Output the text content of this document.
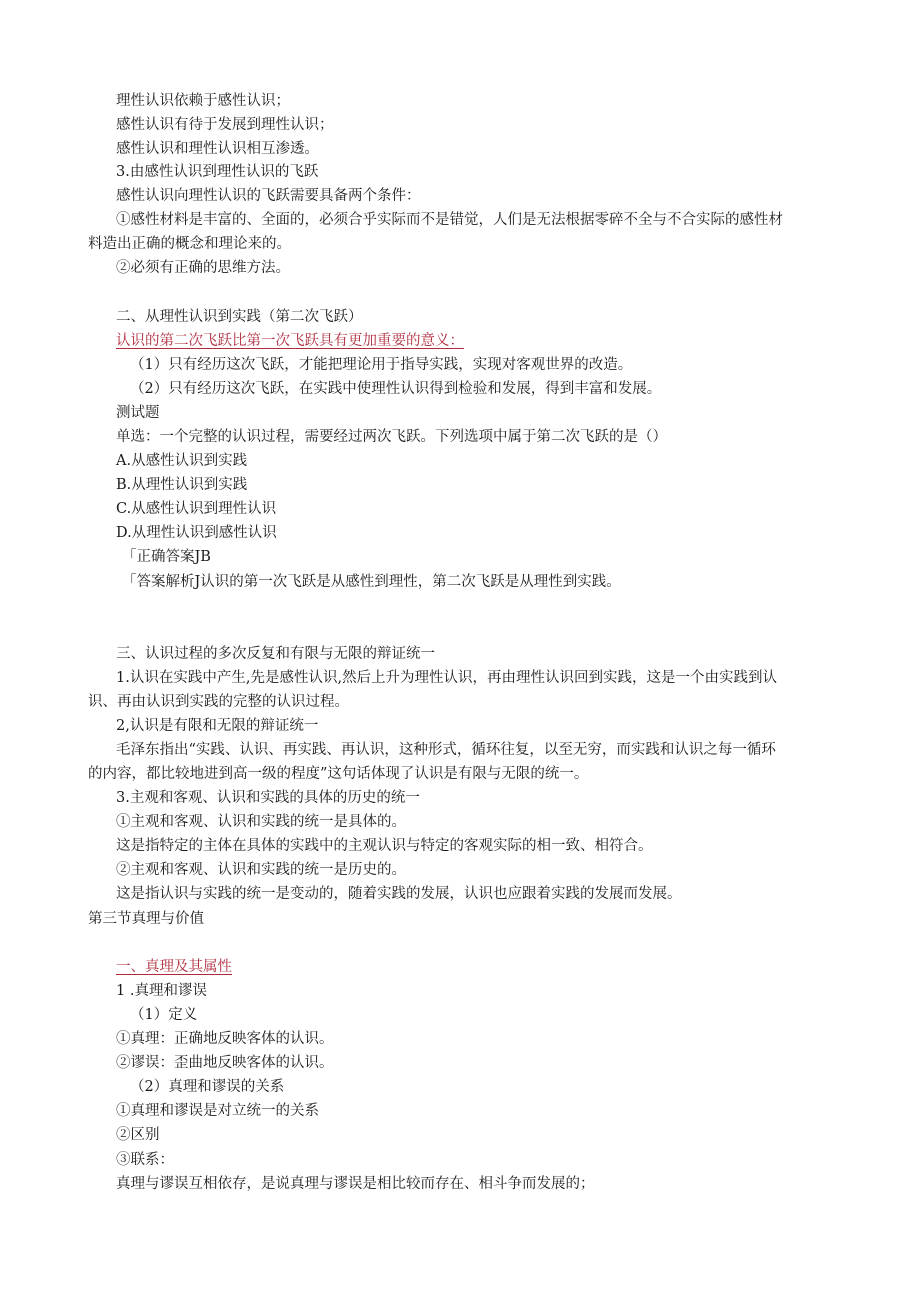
理性认识依赖于感性认识；
感性认识有待于发展到理性认识；
感性认识和理性认识相互渗透。
3.由感性认识到理性认识的飞跃
感性认识向理性认识的飞跃需要具备两个条件：
①感性材料是丰富的、全面的，必须合乎实际而不是错觉，人们是无法根据零碎不全与不合实际的感性材
料造出正确的概念和理论来的。
②必须有正确的思维方法。
二、从理性认识到实践（第二次飞跃）
认识的第二次飞跃比第一次飞跃具有更加重要的意义：
（1）只有经历这次飞跃，才能把理论用于指导实践，实现对客观世界的改造。
（2）只有经历这次飞跃，在实践中使理性认识得到检验和发展，得到丰富和发展。
测试题
单选：一个完整的认识过程，需要经过两次飞跃。下列选项中属于第二次飞跃的是（）
A.从感性认识到实践
B.从理性认识到实践
C.从感性认识到理性认识
D.从理性认识到感性认识
「正确答案JB
「答案解析J认识的第一次飞跃是从感性到理性，第二次飞跃是从理性到实践。
三、认识过程的多次反复和有限与无限的辩证统一
1.认识在实践中产生,先是感性认识,然后上升为理性认识，再由理性认识回到实践，这是一个由实践到认
识、再由认识到实践的完整的认识过程。
2,认识是有限和无限的辩证统一
毛泽东指出“实践、认识、再实践、再认识，这种形式，循环往复，以至无穷，而实践和认识之每一循环
的内容，都比较地进到高一级的程度”这句话体现了认识是有限与无限的统一。
3.主观和客观、认识和实践的具体的历史的统一
①主观和客观、认识和实践的统一是具体的。
这是指特定的主体在具体的实践中的主观认识与特定的客观实际的相一致、相符合。
②主观和客观、认识和实践的统一是历史的。
这是指认识与实践的统一是变动的，随着实践的发展，认识也应跟着实践的发展而发展。
第三节真理与价值
一、真理及其属性
1 .真理和谬误
（1）定义
①真理：正确地反映客体的认识。
②谬误：歪曲地反映客体的认识。
（2）真理和谬误的关系
①真理和谬误是对立统一的关系
②区别
③联系：
真理与谬误互相依存，是说真理与谬误是相比较而存在、相斗争而发展的；
